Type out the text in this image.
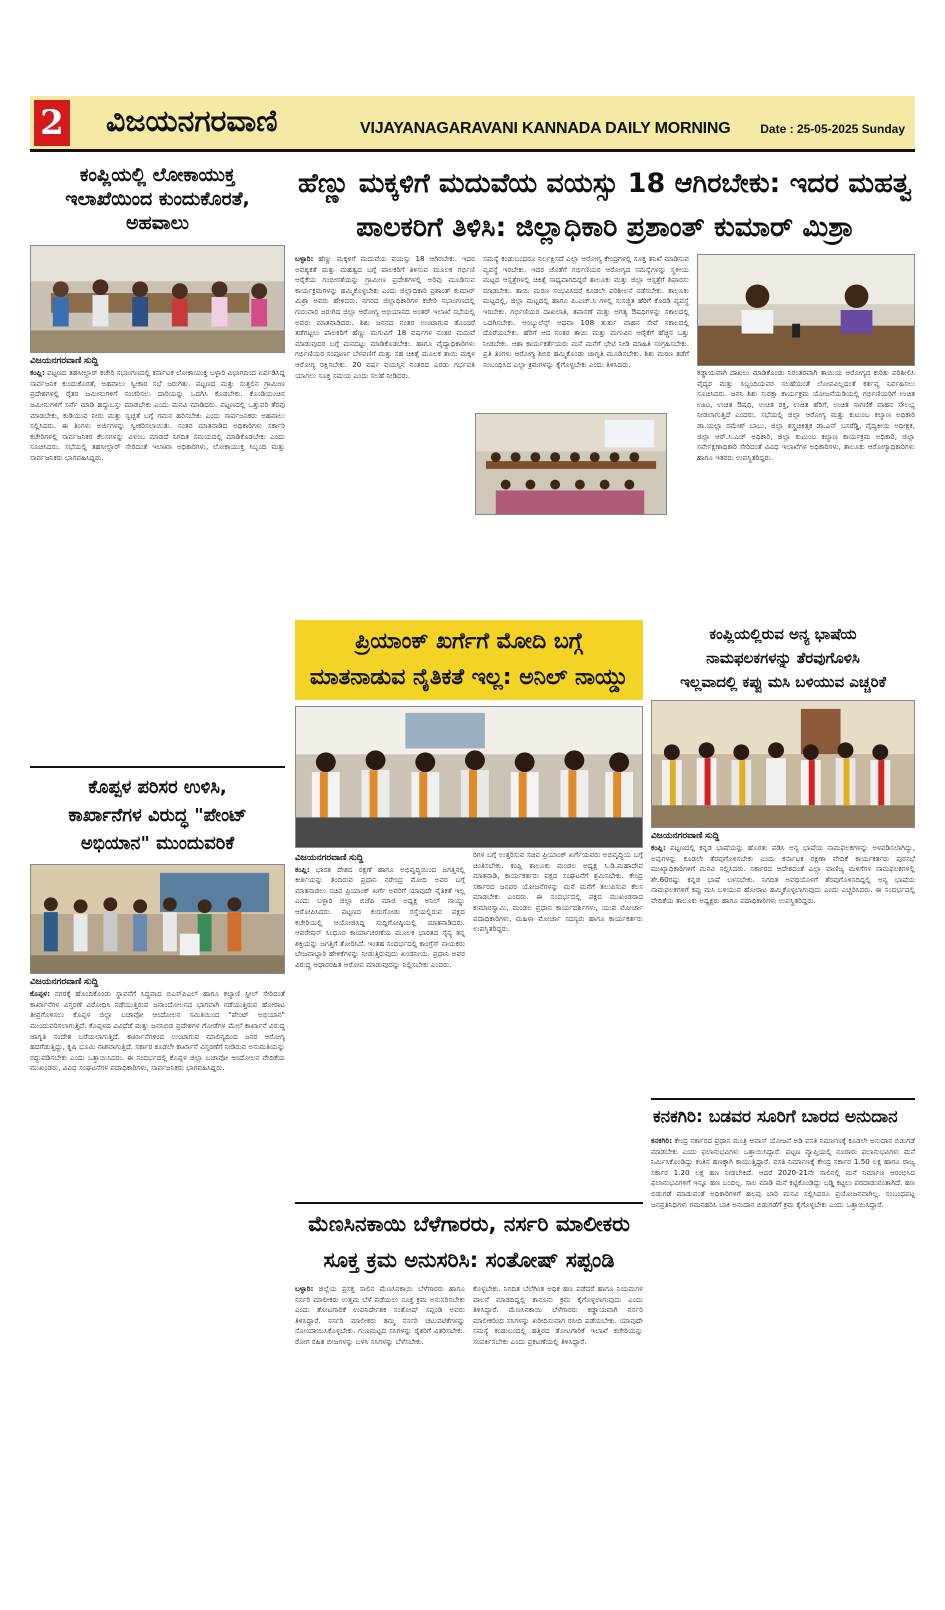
2 ವಿಜಯನಗರವಾಣಿ	VIJAYANAGARAVANI KANNADA DAILY MORNING Date : 25-05-2025 Sunday
ಕಂಪ್ಲಿಯಲ್ಲಿ ಲೋಕಾಯುಕ್ತ ಇಲಾಖೆಯಿಂದ ಕುಂದುಕೊರತೆ, ಅಹವಾಲು
ವಿಜಯನಗರವಾಣಿ ಸುದ್ದಿ
ಕಂಪ್ಲಿ: ಪಟ್ಟಣದ ತಹಸೀಲ್ದಾರ್ ಕಚೇರಿ ಸಭಾಂಗಣದಲ್ಲಿ ಕರ್ನಾಟಕ ಲೋಕಾಯುಕ್ತ ಬಳ್ಳಾರಿ ವಿಭಾಗದಿಂದ ಏರ್ಪಡಿಸಿದ್ದ ಸಾರ್ವಜನಿಕ ಕುಂದುಕೊರತೆ, ಅಹವಾಲು ಸ್ವೀಕಾರ ಸಭೆ ಜರುಗಿತು. ಪಟ್ಟಣದ ಮತ್ತು ಸುತ್ತಲಿನ ಗ್ರಾಮೀಣ ಪ್ರದೇಶಗಳಲ್ಲಿ ರೈತರ ಜಮೀನುಗಳಿಗೆ ಸಂಚರಿಸಲು ದಾರಿಯನ್ನು ಒದಗಿಸಿ ಕೊಡಬೇಕು. ಕೊಂಡಿಯಂಚಿನ ಜಮೀನುಗಳಿಗೆ ಸರ್ವೆ ಮಾಡಿ ಹದ್ದುಬಸ್ತು ಮಾಡಬೇಕು ಎಂದು ಮನವಿ ಮಾಡಿದರು. ಪಟ್ಟಣದಲ್ಲಿ ಒತ್ತುವರಿ ತೆರವು ಮಾಡಬೇಕು, ಕುಡಿಯುವ ನೀರು ಮತ್ತು ಸ್ವಚ್ಛತೆ ಬಗ್ಗೆ ಗಮನ ಹರಿಸಬೇಕು ಎಂದು ಸಾರ್ವಜನಿಕರು ಅಹವಾಲು ಸಲ್ಲಿಸಿದರು. ಈ ತಿಂಗಳು ಅರ್ಜಿಗಳನ್ನು ಸ್ವೀಕರಿಸಲಾಯಿತು. ನಂತರ ಮಾತನಾಡಿದ ಅಧಿಕಾರಿಗಳು ಸರ್ಕಾರಿ ಕಚೇರಿಗಳಲ್ಲಿ ಸಾರ್ವಜನಿಕರ ಕೆಲಸಗಳನ್ನು ವಿಳಂಬ ಮಾಡದೆ ನಿಗದಿತ ಸಮಯದಲ್ಲಿ ಮಾಡಿಕೊಡಬೇಕು ಎಂದು ಸೂಚಿಸಿದರು. ಸಭೆಯಲ್ಲಿ ತಹಸೀಲ್ದಾರ್ ಸೇರಿದಂತೆ ಇಲಾಖಾ ಅಧಿಕಾರಿಗಳು, ಲೋಕಾಯುಕ್ತ ಸಿಬ್ಬಂದಿ ಮತ್ತು ಸಾರ್ವಜನಿಕರು ಭಾಗವಹಿಸಿದ್ದರು.
ಕೊಪ್ಪಳ ಪರಿಸರ ಉಳಿಸಿ,
ಕಾರ್ಖಾನೆಗಳ ವಿರುದ್ಧ "ಪೇಂಟ್
ಅಭಿಯಾನ" ಮುಂದುವರಿಕೆ
ವಿಜಯನಗರವಾಣಿ ಸುದ್ದಿ
ಕೊಪ್ಪಳ: ನಗರಕ್ಕೆ ಹೊಂದಿಕೊಂಡು ಸ್ಥಾಪನೆಗೆ ಸಿದ್ಧವಾದ ಬಿಎಸ್‌ಪಿಎಲ್ ಹಾಗೂ ಕಲ್ಯಾಣಿ ಸ್ಟೀಲ್ ಸೇರಿದಂತೆ ಕಾರ್ಖಾನೆಗಳ ವಿಸ್ತರಣೆ ವಿರೋಧಿಸಿ ನಡೆಯುತ್ತಿರುವ ಜನಾಂದೋಲನದ ಭಾಗವಾಗಿ ನಡೆಯುತ್ತಿರುವ ಹೋರಾಟ ತೀವ್ರಗೊಳಿಸಲು ಕೊಪ್ಪಳ ಜಿಲ್ಲಾ ಬಚಾವೋ ಆಂದೋಲನ ಸಮಿತಿಯಿಂದ "ಪೇಂಟ್ ಅಭಿಯಾನ" ಮುಂದುವರಿಸಲಾಗುತ್ತಿದೆ. ಕೊಪ್ಪಳದ ವಿವಿಧೆಡೆ ಮತ್ತು ಜನನಿಬಿಡ ಪ್ರದೇಶಗಳ ಗೋಡೆಗಳ ಮೇಲೆ ಕಾರ್ಖಾನೆ ವಿರುದ್ಧ ಜಾಗೃತಿ ಸಂದೇಶ ಬರೆಯಲಾಗುತ್ತಿದೆ. ಕಾರ್ಖಾನೆಗಳಿಂದ ಉಂಟಾಗುವ ಮಾಲಿನ್ಯದಿಂದ ಜನರ ಆರೋಗ್ಯ ಹದಗೆಡುತ್ತಿದ್ದು, ಕೃಷಿ ಭೂಮಿ ನಾಶವಾಗುತ್ತಿದೆ. ಸರ್ಕಾರ ಕೂಡಲೇ ಕಾರ್ಖಾನೆ ವಿಸ್ತರಣೆಗೆ ನೀಡಿರುವ ಅನುಮತಿಯನ್ನು ರದ್ದುಪಡಿಸಬೇಕು ಎಂದು ಒತ್ತಾಯಿಸಿದರು. ಈ ಸಂದರ್ಭದಲ್ಲಿ ಕೊಪ್ಪಳ ಜಿಲ್ಲಾ ಬಚಾವೋ ಆಂದೋಲನ ವೇದಿಕೆಯ ಮುಖಂಡರು, ವಿವಿಧ ಸಂಘಟನೆಗಳ ಪದಾಧಿಕಾರಿಗಳು, ಸಾರ್ವಜನಿಕರು ಭಾಗವಹಿಸಿದ್ದರು.
ಹೆಣ್ಣು ಮಕ್ಕಳಿಗೆ ಮದುವೆಯ ವಯಸ್ಸು 18 ಆಗಿರಬೇಕು: ಇದರ ಮಹತ್ವ
ಪಾಲಕರಿಗೆ ತಿಳಿಸಿ: ಜಿಲ್ಲಾಧಿಕಾರಿ ಪ್ರಶಾಂತ್ ಕುಮಾರ್ ಮಿಶ್ರಾ
ಬಳ್ಳಾರಿ: ಹೆಣ್ಣು ಮಕ್ಕಳಿಗೆ ಮದುವೆಯ ವಯಸ್ಸು 18 ಆಗಿರಬೇಕು. ಇದರ ಅವಶ್ಯಕತೆ ಮತ್ತು ಮಹತ್ವದ ಬಗ್ಗೆ ಪಾಲಕರಿಗೆ ತಿಳಿಸುವ ಮೂಲಕ ಗರ್ಭಿಣಿ ಆರೈಕೆಯ ಗಂಭೀರತೆಯನ್ನು ಗ್ರಾಮೀಣ ಪ್ರದೇಶಗಳಲ್ಲಿ ಅರಿವು ಮೂಡಿಸುವ ಕಾರ್ಯಕ್ರಮಗಳನ್ನು ಹಮ್ಮಿಕೊಳ್ಳಬೇಕು ಎಂದು ಜಿಲ್ಲಾಧಿಕಾರಿ ಪ್ರಶಾಂತ್ ಕುಮಾರ್ ಮಿಶ್ರಾ ಅವರು ಹೇಳಿದರು. ನಗರದ ಜಿಲ್ಲಾಧಿಕಾರಿಗಳ ಕಚೇರಿ ಸಭಾಂಗಣದಲ್ಲಿ ಗುರುವಾರ ಜರುಗಿದ ಜಿಲ್ಲಾ ಆರೋಗ್ಯ ಅಭಿಯಾನದ ಅಂತರ್ ಇಲಾಖೆ ಸಭೆಯಲ್ಲಿ ಅವರು ಮಾತನಾಡಿದರು. ಶಿಶು ಜನನದ ನಂತರ ಉಂಟಾಗುವ ತೊಂದರೆ ತಡೆಗಟ್ಟಲು ಪಾಲಕರಿಗೆ ಹೆಣ್ಣು ಮಗುವಿಗೆ 18 ವರ್ಷಗಳ ನಂತರ ಮದುವೆ ಮಾಡುವುದರ ಬಗ್ಗೆ ಮನದಟ್ಟು ಮಾಡಿಕೊಡಬೇಕು. ಹಾಗೂ ವೈದ್ಯಾಧಿಕಾರಿಗಳು ಗರ್ಭಿಣಿಯರ ಸಂಪೂರ್ಣ ಬೆಳವಣಿಗೆ ಮತ್ತು ಸಹ ಚಿಕಿತ್ಸೆ ಮೂಲಕ ತಾಯಿ ಮಕ್ಕಳ ಆರೋಗ್ಯ ರಕ್ಷಿಸಬೇಕು. 20 ವರ್ಷ ವಯಸ್ಸಿನ ನಂತರದ ಎರಡು ಗರ್ಭವತಿ ಯಾಗಲು ಸೂಕ್ತ ಸಮಯ ಎಂದು ಸಲಹೆ ನೀಡಿದರು.
ಸಮಸ್ಯೆ ಕಂಡುಬಂದರೂ ನಿರ್ಲಕ್ಷಿಸದೆ ಎಲ್ಲಾ ಆರೋಗ್ಯ ಕೇಂದ್ರಗಳಲ್ಲಿ ಸೂಕ್ತ ತನಿಖೆ ಮಾಡಿಸುವ ವ್ಯವಸ್ಥೆ ಇರಬೇಕು. ಇದರ ಜೊತೆಗೆ ಗರ್ಭಿಣಿಯರ ಆರೋಗ್ಯದ ಸಮಸ್ಯೆಗಳನ್ನು ಸ್ಥಳೀಯ ಮಟ್ಟದ ಆಸ್ಪತ್ರೆಗಳಲ್ಲಿ ಚಿಕಿತ್ಸೆ ಸಾಧ್ಯವಾಗದಿದ್ದರೆ ತಾಲೂಕು ಮತ್ತು ಜಿಲ್ಲಾ ಆಸ್ಪತ್ರೆಗೆ ಶಿಫಾರಸು ಮಾಡಬೇಕು. ತಾಯಿ ಮರಣ ಸಂಭವಿಸಿದರೆ ಕೂಡಲೇ ಪರಿಶೀಲನೆ ನಡೆಸಬೇಕು. ತಾಲೂಕು ಮಟ್ಟದಲ್ಲಿ, ಜಿಲ್ಲಾ ಮಟ್ಟದಲ್ಲಿ ಹಾಗೂ ಪಿ.ಎಚ್.ಸಿ ಗಳಲ್ಲಿ ಸುಸಜ್ಜಿತ ಹೆರಿಗೆ ಕೊಠಡಿ ವ್ಯವಸ್ಥೆ ಇರಬೇಕು. ಗರ್ಭಿಣಿಯರ ದಾಖಲಾತಿ, ತಪಾಸಣೆ ಮತ್ತು ಅಗತ್ಯ ಔಷಧಿಗಳನ್ನು ಸಕಾಲದಲ್ಲಿ ಒದಗಿಸಬೇಕು. ಆಂಬ್ಯುಲೆನ್ಸ್ ಅಥವಾ 108 ತುರ್ತು ವಾಹನ ಸೇವೆ ಸಕಾಲದಲ್ಲಿ ದೊರೆಯಬೇಕು. ಹೆರಿಗೆ ಆದ ನಂತರ ತಾಯಿ ಮತ್ತು ಮಗುವಿನ ಆರೈಕೆಗೆ ಹೆಚ್ಚಿನ ಒತ್ತು ನೀಡಬೇಕು. ಆಶಾ ಕಾರ್ಯಕರ್ತೆಯರು ಮನೆ ಮನೆಗೆ ಭೇಟಿ ನೀಡಿ ಮಾಹಿತಿ ಸಂಗ್ರಹಿಸಬೇಕು. ಪ್ರತಿ ತಿಂಗಳು ಆರೋಗ್ಯ ಶಿಬಿರ ಹಮ್ಮಿಕೊಂಡು ಜಾಗೃತಿ ಮೂಡಿಸಬೇಕು. ಶಿಶು ಮರಣ ತಡೆಗೆ ಸಂಬಂಧಿಸಿದ ಎಲ್ಲಾ ಕ್ರಮಗಳನ್ನು ಕೈಗೊಳ್ಳಬೇಕು ಎಂದು ತಿಳಿಸಿದರು.
ಕಡ್ಡಾಯವಾಗಿ ದಾಖಲು ಮಾಡಿಕೊಂಡು ನಿರಂತರವಾಗಿ ತಾಯಿಯ ಆರೋಗ್ಯದ ಕುರಿತು ಪರಿಶೀಲಿಸಿ ವೈದ್ಯರ ಮತ್ತು ಸಿಬ್ಬಂದಿಯವರ ಸಲಹೆಯಂತೆ ಲೋಪವಿಲ್ಲದಂತೆ ಕರ್ತವ್ಯ ನಿರ್ವಹಿಸಲು ಸೂಚಿಸಿದರು. ಜನನಿ ಶಿಶು ಸುರಕ್ಷಾ ಕಾರ್ಯಕ್ರಮ ಯೋಜನೆಯಡಿಯಲ್ಲಿ ಗರ್ಭಿಣಿಯರಿಗೆ ಉಚಿತ ಊಟ, ಉಚಿತ ಔಷಧಿ, ಉಚಿತ ರಕ್ತ, ಉಚಿತ ಹೆರಿಗೆ, ಉಚಿತ ಸಾಗಣಿಕೆ ವಾಹನ ಸೌಲಭ್ಯ ನೀಡಲಾಗುತ್ತಿದೆ ಎಂದರು. ಸಭೆಯಲ್ಲಿ ಜಿಲ್ಲಾ ಆರೋಗ್ಯ ಮತ್ತು ಕುಟುಂಬ ಕಲ್ಯಾಣ ಅಧಿಕಾರಿ ಡಾ.ಯಲ್ಲಾ ರಮೇಶ್ ಬಾಬು, ಜಿಲ್ಲಾ ಶಸ್ತ್ರಚಿಕಿತ್ಸಕ ಡಾ.ಎನ್ ಬಸರೆಡ್ಡಿ, ವೈದ್ಯಕೀಯ ಅಧೀಕ್ಷಕ, ಜಿಲ್ಲಾ ಆರ್.ಸಿ.ಎಚ್ ಅಧಿಕಾರಿ, ಜಿಲ್ಲಾ ಕುಟುಂಬ ಕಲ್ಯಾಣ ಕಾರ್ಯಕ್ರಮ ಅಧಿಕಾರಿ, ಜಿಲ್ಲಾ ಸರ್ವೇಕ್ಷಣಾಧಿಕಾರಿ ಸೇರಿದಂತೆ ವಿವಿಧ ಇಲಾಖೆಗಳ ಅಧಿಕಾರಿಗಳು, ತಾಲೂಕು ಆರೋಗ್ಯಾಧಿಕಾರಿಗಳು ಹಾಗೂ ಇತರರು ಉಪಸ್ಥಿತರಿದ್ದರು.
ಪ್ರಿಯಾಂಕ್ ಖರ್ಗೆಗೆ ಮೋದಿ ಬಗ್ಗೆ
ಮಾತನಾಡುವ ನೈತಿಕತೆ ಇಲ್ಲ: ಅನಿಲ್ ನಾಯ್ಡು
ವಿಜಯನಗರವಾಣಿ ಸುದ್ದಿ
ಕಂಪ್ಲಿ: ಭಾರತ ದೇಶದ ರಕ್ಷಣೆ ಹಾಗೂ ಅಭಿವೃದ್ಧಿಯಿಂದ ಜಗತ್ತಿನಲ್ಲಿ ಕೀರ್ತಿಯನ್ನು ತಂದಿರುವ ಪ್ರಧಾನಿ ನರೇಂದ್ರ ಮೋದಿ ಅವರ ಬಗ್ಗೆ ಮಾತನಾಡಲು ಸಚಿವ ಪ್ರಿಯಾಂಕ್ ಖರ್ಗೆ ಅವರಿಗೆ ಯಾವುದೇ ನೈತಿಕತೆ ಇಲ್ಲ ಎಂದು ಬಳ್ಳಾರಿ ಜಿಲ್ಲಾ ಬಿಜೆಪಿ ಮಾಜಿ ಅಧ್ಯಕ್ಷ ಅನಿಲ್ ನಾಯ್ಡು ಆರೋಪಿಸಿದರು. ಪಟ್ಟಣದ ಕುರುಗೋಡು ರಸ್ತೆಯಲ್ಲಿರುವ ಪಕ್ಷದ ಕಚೇರಿಯಲ್ಲಿ ಆಯೋಜಿಸಿದ್ದ ಸುದ್ದಿಗೋಷ್ಠಿಯಲ್ಲಿ ಮಾತನಾಡಿದರು. ಆಪರೇಷನ್ ಸಿಂಧೂರ ಕಾರ್ಯಾಚರಣೆಯ ಮೂಲಕ ಭಾರತದ ಸೈನ್ಯ ತನ್ನ ಶಕ್ತಿಯನ್ನು ಜಗತ್ತಿಗೆ ತೋರಿಸಿದೆ. ಇಂತಹ ಸಂದರ್ಭದಲ್ಲಿ ಕಾಂಗ್ರೆಸ್ ನಾಯಕರು ಬೇಜವಾಬ್ದಾರಿ ಹೇಳಿಕೆಗಳನ್ನು ನೀಡುತ್ತಿರುವುದು ಖಂಡನೀಯ. ಪ್ರಧಾನಿ ಅವರ ವಿರುದ್ಧ ಆಧಾರರಹಿತ ಆರೋಪ ಮಾಡುವುದನ್ನು ನಿಲ್ಲಿಸಬೇಕು ಎಂದರು.
ರಿಗಳ ಬಗ್ಗೆ ಉತ್ತರಿಸುವ ಸಚಿವ ಪ್ರಿಯಾಂಕ್ ಖರ್ಗೆಯವರು ಅಭಿವೃದ್ಧಿಯ ಬಗ್ಗೆ ಚಿಂತಿಸಬೇಕು. ಕಂಪ್ಲಿ ತಾಲೂಕು ಮಂಡಲ ಅಧ್ಯಕ್ಷ ಸಿ.ಡಿ.ಮಹಾದೇವ ಮಾತನಾಡಿ, ಕಾರ್ಯಕರ್ತರು ಪಕ್ಷದ ಸಂಘಟನೆಗೆ ಶ್ರಮಿಸಬೇಕು. ಕೇಂದ್ರ ಸರ್ಕಾರದ ಜನಪರ ಯೋಜನೆಗಳನ್ನು ಮನೆ ಮನೆಗೆ ತಲುಪಿಸುವ ಕೆಲಸ ಮಾಡಬೇಕು ಎಂದರು. ಈ ಸಂದರ್ಭದಲ್ಲಿ ಪಕ್ಷದ ಮುಖಂಡರಾದ ಕುಮಾರಸ್ವಾಮಿ, ಮಂಡಲ ಪ್ರಧಾನ ಕಾರ್ಯದರ್ಶಿಗಳು, ಯುವ ಮೋರ್ಚಾ ಪದಾಧಿಕಾರಿಗಳು, ಮಹಿಳಾ ಮೋರ್ಚಾ ಸದಸ್ಯರು ಹಾಗೂ ಕಾರ್ಯಕರ್ತರು ಉಪಸ್ಥಿತರಿದ್ದರು.
ಕಂಪ್ಲಿಯಲ್ಲಿರುವ ಅನ್ಯ ಭಾಷೆಯ
ನಾಮಫಲಕಗಳನ್ನು ತೆರವುಗೊಳಿಸಿ
ಇಲ್ಲವಾದಲ್ಲಿ ಕಪ್ಪು ಮಸಿ ಬಳಿಯುವ ಎಚ್ಚರಿಕೆ
ವಿಜಯನಗರವಾಣಿ ಸುದ್ದಿ
ಕಂಪ್ಲಿ: ಪಟ್ಟಣದಲ್ಲಿ ಕನ್ನಡ ಭಾಷೆಯನ್ನು ಹೊರತು ಪಡಿಸಿ ಅನ್ಯ ಭಾಷೆಯ ನಾಮಫಲಕಗಳನ್ನು ಅಳವಡಿಸಲಾಗಿದ್ದು, ಅವುಗಳನ್ನು ಕೂಡಲೇ ತೆರವುಗೊಳಿಸಬೇಕು ಎಂದು ಕರ್ನಾಟಕ ರಕ್ಷಣಾ ವೇದಿಕೆ ಕಾರ್ಯಕರ್ತರು ಪುರಸಭೆ ಮುಖ್ಯಾಧಿಕಾರಿಗಳಿಗೆ ಮನವಿ ಸಲ್ಲಿಸಿದರು. ಸರ್ಕಾರದ ಆದೇಶದಂತೆ ಎಲ್ಲಾ ವಾಣಿಜ್ಯ ಮಳಿಗೆಗಳ ನಾಮಫಲಕಗಳಲ್ಲಿ ಶೇ.60ರಷ್ಟು ಕನ್ನಡ ಭಾಷೆ ಬಳಸಬೇಕು. ನಿಗದಿತ ಅವಧಿಯೊಳಗೆ ತೆರವುಗೊಳಿಸದಿದ್ದಲ್ಲಿ ಅನ್ಯ ಭಾಷೆಯ ನಾಮಫಲಕಗಳಿಗೆ ಕಪ್ಪು ಮಸಿ ಬಳಿಯುವ ಹೋರಾಟ ಹಮ್ಮಿಕೊಳ್ಳಲಾಗುವುದು ಎಂದು ಎಚ್ಚರಿಸಿದರು. ಈ ಸಂದರ್ಭದಲ್ಲಿ ವೇದಿಕೆಯ ತಾಲೂಕು ಅಧ್ಯಕ್ಷರು ಹಾಗೂ ಪದಾಧಿಕಾರಿಗಳು ಉಪಸ್ಥಿತರಿದ್ದರು.
ಮೆಣಸಿನಕಾಯಿ ಬೆಳೆಗಾರರು, ನರ್ಸರಿ ಮಾಲೀಕರು
ಸೂಕ್ತ ಕ್ರಮ ಅನುಸರಿಸಿ: ಸಂತೋಷ್ ಸಪ್ಪಂಡಿ
ಬಳ್ಳಾರಿ: ಜಿಲ್ಲೆಯ ಪ್ರಸಕ್ತ ಸಾಲಿನ ಮೆಣಸಿನಕಾಯಿ ಬೆಳೆಗಾರರು ಹಾಗೂ ನರ್ಸರಿ ಮಾಲೀಕರು ಉತ್ತಮ ಬೆಳೆ ಪಡೆಯಲು ಸೂಕ್ತ ಕ್ರಮ ಅನುಸರಿಸಬೇಕು ಎಂದು ತೋಟಗಾರಿಕೆ ಉಪನಿರ್ದೇಶಕ ಸಂತೋಷ್ ಸಪ್ಪಂಡಿ ಅವರು ತಿಳಿಸಿದ್ದಾರೆ. ನರ್ಸರಿ ಮಾಲೀಕರು ತಮ್ಮ ನರ್ಸರಿ ಚಟುವಟಿಕೆಗಳನ್ನು ನೋಂದಾಯಿಸಿಕೊಳ್ಳಬೇಕು. ಗುಣಮಟ್ಟದ ಸಸಿಗಳನ್ನು ರೈತರಿಗೆ ವಿತರಿಸಬೇಕು. ರೋಗ ರಹಿತ ಬೀಜಗಳನ್ನು ಬಳಸಿ ಸಸಿಗಳನ್ನು ಬೆಳೆಸಬೇಕು.
ಕೊಳ್ಳಬೇಕು. ನಿಗದಿತ ಬೆಲೆಗಿಂತ ಅಧಿಕ ಹಣ ಪಡೆದರೆ ಹಾಗೂ ನಿಯಮಗಳ ಪಾಲನೆ ಮಾಡದಿದ್ದಲ್ಲಿ ಕಾನೂನು ಕ್ರಮ ಕೈಗೊಳ್ಳಲಾಗುವುದು ಎಂದು ತಿಳಿಸಿದ್ದಾರೆ. ಮೆಣಸಿನಕಾಯಿ ಬೆಳೆಗಾರರು ಕಡ್ಡಾಯವಾಗಿ ನರ್ಸರಿ ಮಾಲೀಕರಿಂದ ಸಸಿಗಳನ್ನು ಖರೀದಿಸುವಾಗ ರಸೀದಿ ಪಡೆಯಬೇಕು. ಯಾವುದೇ ಸಮಸ್ಯೆ ಕಂಡುಬಂದಲ್ಲಿ ಹತ್ತಿರದ ತೋಟಗಾರಿಕೆ ಇಲಾಖೆ ಕಚೇರಿಯನ್ನು ಸಂಪರ್ಕಿಸಬೇಕು ಎಂದು ಪ್ರಕಟಣೆಯಲ್ಲಿ ತಿಳಿಸಿದ್ದಾರೆ.
ಕನಕಗಿರಿ: ಬಡವರ ಸೂರಿಗೆ ಬಾರದ ಅನುದಾನ
ಕನಕಗಿರಿ: ಕೇಂದ್ರ ಸರ್ಕಾರದ ಪ್ರಧಾನ ಮಂತ್ರಿ ಆವಾಸ್ ಯೋಜನೆ ಅಡಿ ವಸತಿ ನಿರ್ಮಾಣಕ್ಕೆ ಕೂಡಲೇ ಅನುದಾನ ಬಿಡುಗಡೆ ಮಾಡಬೇಕು ಎಂದು ಫಲಾನುಭವಿಗಳು ಒತ್ತಾಯಿಸಿದ್ದಾರೆ. ಪಟ್ಟಣ ವ್ಯಾಪ್ತಿಯಲ್ಲಿ ನೂರಾರು ಫಲಾನುಭವಿಗಳು ಮನೆ ನಿರ್ಮಿಸಿಕೊಂಡಿದ್ದು ಕಂತಿನ ಹಣಕ್ಕಾಗಿ ಕಾಯುತ್ತಿದ್ದಾರೆ. ವಸತಿ ನಿರ್ಮಾಣಕ್ಕೆ ಕೇಂದ್ರ ಸರ್ಕಾರ 1.50 ಲಕ್ಷ ಹಾಗೂ ರಾಜ್ಯ ಸರ್ಕಾರ 1.20 ಲಕ್ಷ ಹಣ ನೀಡಬೇಕಿದೆ. ಆದರೆ 2020-21ನೇ ಸಾಲಿನಲ್ಲಿ ಮನೆ ನಿರ್ಮಾಣ ಆರಂಭಿಸಿದ ಫಲಾನುಭವಿಗಳಿಗೆ ಇನ್ನೂ ಹಣ ಬಂದಿಲ್ಲ. ಸಾಲ ಮಾಡಿ ಮನೆ ಕಟ್ಟಿಕೊಂಡಿದ್ದು ಬಡ್ಡಿ ಕಟ್ಟಲು ಪರದಾಡುವಂತಾಗಿದೆ. ಹಣ ಬಿಡುಗಡೆ ಮಾಡುವಂತೆ ಅಧಿಕಾರಿಗಳಿಗೆ ಹಲವು ಬಾರಿ ಮನವಿ ಸಲ್ಲಿಸಿದರೂ ಪ್ರಯೋಜನವಾಗಿಲ್ಲ. ಸಂಬಂಧಪಟ್ಟ ಜನಪ್ರತಿನಿಧಿಗಳು ಗಮನಹರಿಸಿ ಬಾಕಿ ಅನುದಾನ ಬಿಡುಗಡೆಗೆ ಕ್ರಮ ಕೈಗೊಳ್ಳಬೇಕು ಎಂದು ಒತ್ತಾಯಿಸಿದ್ದಾರೆ.
